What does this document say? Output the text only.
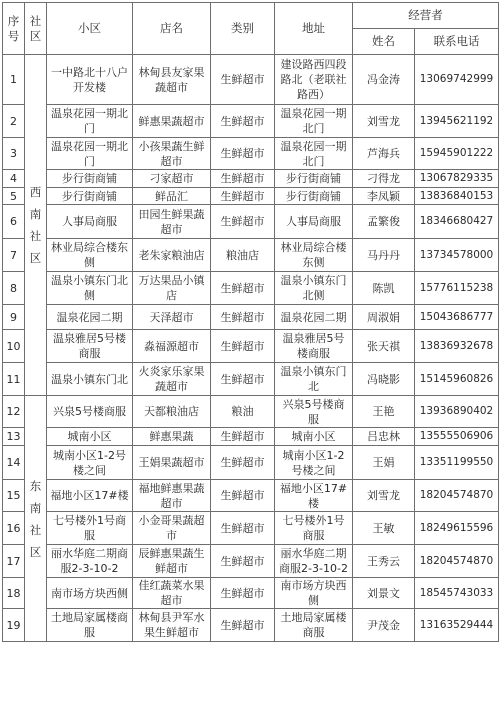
序号	社区	小区	店名	类别	地址	经营者	
						姓名	联系电话
1	西南社区	一中路北十八户开发楼	林甸县友家果蔬超市	生鲜超市	建设路西四段路北（老联社路西）	冯金涛	13069742999
2		温泉花园一期北门	鲜惠果蔬超市	生鲜超市	温泉花园一期北门	刘雪龙	13945621192
3		温泉花园一期北门	小孩果蔬生鲜超市	生鲜超市	温泉花园一期北门	芦海兵	15945901222
4		步行街商铺	刁家超市	生鲜超市	步行街商铺	刁得龙	13067829335
5		步行街商铺	鲜品汇	生鲜超市	步行街商铺	李凤颖	13836840153
6		人事局商服	田园生鲜果蔬超市	生鲜超市	人事局商服	孟繁俊	18346680427
7		林业局综合楼东侧	老朱家粮油店	粮油店	林业局综合楼东侧	马丹丹	13734578000
8		温泉小镇东门北侧	万达果品小镇店	生鲜超市	温泉小镇东门北侧	陈凯	15776115238
9		温泉花园二期	天泽超市	生鲜超市	温泉花园二期	周淑娟	15043686777
10		温泉雅居5号楼商服	淼福源超市	生鲜超市	温泉雅居5号楼商服	张天祺	13836932678
11		温泉小镇东门北	火炎家乐家果蔬超市	生鲜超市	温泉小镇东门北	冯晓影	15145960826
12	东南社区	兴泉5号楼商服	天都粮油店	粮油	兴泉5号楼商服	王艳	13936890402
13		城南小区	鲜惠果蔬	生鲜超市	城南小区	吕忠林	13555506906
14		城南小区1-2号楼之间	王娟果蔬超市	生鲜超市	城南小区1-2号楼之间	王娟	13351199550
15		福地小区17#楼	福地鲜惠果蔬超市	生鲜超市	福地小区17#楼	刘雪龙	18204574870
16		七号楼外1号商服	小金哥果蔬超市	生鲜超市	七号楼外1号商服	王敏	18249615596
17		丽水华庭二期商服2-3-10-2	辰鲜惠果蔬生鲜超市	生鲜超市	丽水华庭二期商服2-3-10-2	王秀云	18204574870
18		南市场方块西侧	佳红蔬菜水果超市	生鲜超市	南市场方块西侧	刘景文	18545743033
19		土地局家属楼商服	林甸县尹军水果生鲜超市	生鲜超市	土地局家属楼商服	尹茂金	13163529444
